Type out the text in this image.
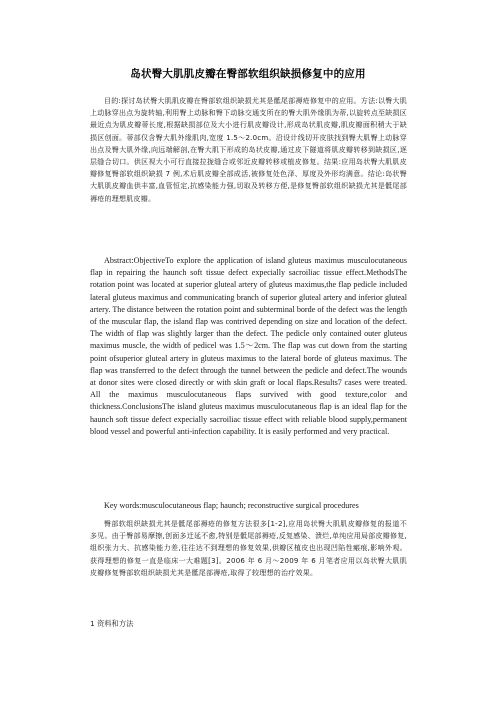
岛状臀大肌肌皮瓣在臀部软组织缺损修复中的应用

目的:探讨岛状臀大肌肌皮瓣在臀部软组织缺损尤其是骶尾部褥疮修复中的应用。方法:以臀大肌上动脉穿出点为旋转轴,利用臀上动脉和臀下动脉交通支所在的臀大肌外缘肌为蒂,以旋转点至缺损区最近点为肌皮瓣蒂长度,根据缺损部位及大小进行肌皮瓣设计,形成岛状肌皮瓣,肌皮瓣面积稍大于缺损区创面。蒂部仅含臀大肌外缘肌肉,宽度 1.5～2.0cm。沿设计线切开皮肤找到臀大肌臀上动脉穿出点及臀大肌外缘,向远端解剖,在臀大肌下形成的岛状皮瓣,通过皮下隧道将肌皮瓣转移到缺损区,逐层缝合切口。供区视大小可行直接拉拢缝合或邻近皮瓣转移或植皮修复。结果:应用岛状臀大肌肌皮瓣修复臀部软组织缺损 7 例,术后肌皮瓣全部成活,被修复处色泽、厚度及外形均满意。结论:岛状臀大肌肌皮瓣血供丰富,血管恒定,抗感染能力强,切取及转移方便,是修复臀部软组织缺损尤其是骶尾部褥疮的理想肌皮瓣。

Abstract:ObjectiveTo explore the application of island gluteus maximus musculocutaneous flap in repairing the haunch soft tissue defect expecially sacroiliac tissue effect.MethodsThe rotation point was located at superior gluteal artery of gluteus maximus,the flap pedicle included lateral gluteus maximus and communicating branch of superior gluteal artery and inferior gluteal artery. The distance between the rotation point and subterminal borde of the defect was the length of the muscular flap, the island flap was contrived depending on size and location of the defect. The width of flap was slightly larger than the defect. The pedicle only contained outer gluteus maximus muscle, the width of pedicel was 1.5～2cm. The flap was cut down from the starting point ofsuperior gluteal artery in gluteus maximus to the lateral borde of gluteus maximus. The flap was transferred to the defect through the tunnel between the pedicle and defect.The wounds at donor sites were closed directly or with skin graft or local flaps.Results7 cases were treated. All the maximus musculocutaneous flaps survived with good texture,color and thickness.ConclusionsThe island gluteus maximus musculocutaneous flap is an ideal flap for the haunch soft tissue defect expecially sacroiliac tissue effect with reliable blood supply,permanent blood vessel and powerful anti-infection capability. It is easily performed and very practical.

Key words:musculocutaneous flap; haunch; reconstructive surgical procedures

臀部软组织缺损尤其是骶尾部褥疮的修复方法很多[1-2],应用岛状臀大肌肌皮瓣修复的报道不多见。由于臀部易摩擦,创面多迁延不愈,特别是骶尾部褥疮,反复感染、溃烂,单纯应用局部皮瓣修复,组织张力大、抗感染能力差,往往达不到理想的修复效果,供瓣区植皮也出现凹陷性瘢痕,影响外观。获得理想的修复一直是临床一大难题[3]。2006 年 6 月～2009 年 6 月笔者应用以岛状臀大肌肌皮瓣修复臀部软组织缺损尤其是骶尾部褥疮,取得了较理想的治疗效果。

1 资料和方法
